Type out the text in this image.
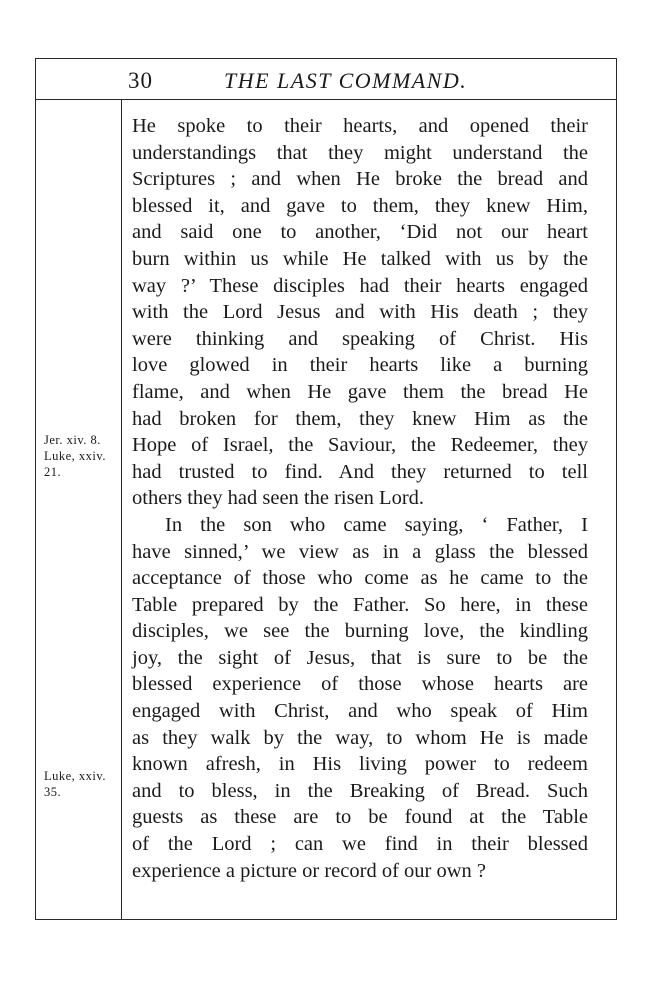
30	THE LAST COMMAND.
Jer. xiv. 8.
Luke, xxiv.
21.
Luke, xxiv.
35.
He spoke to their hearts, and opened their
understandings that they might understand the
Scriptures ; and when He broke the bread and
blessed it, and gave to them, they knew Him,
and said one to another, ‘Did not our heart
burn within us while He talked with us by the
way ?’ These disciples had their hearts engaged
with the Lord Jesus and with His death ; they
were thinking and speaking of Christ. His
love glowed in their hearts like a burning
flame, and when He gave them the bread He
had broken for them, they knew Him as the
Hope of Israel, the Saviour, the Redeemer, they
had trusted to find. And they returned to tell
others they had seen the risen Lord.
In the son who came saying, ‘ Father, I
have sinned,’ we view as in a glass the blessed
acceptance of those who come as he came to the
Table prepared by the Father. So here, in these
disciples, we see the burning love, the kindling
joy, the sight of Jesus, that is sure to be the
blessed experience of those whose hearts are
engaged with Christ, and who speak of Him
as they walk by the way, to whom He is made
known afresh, in His living power to redeem
and to bless, in the Breaking of Bread. Such
guests as these are to be found at the Table
of the Lord ; can we find in their blessed
experience a picture or record of our own ?
